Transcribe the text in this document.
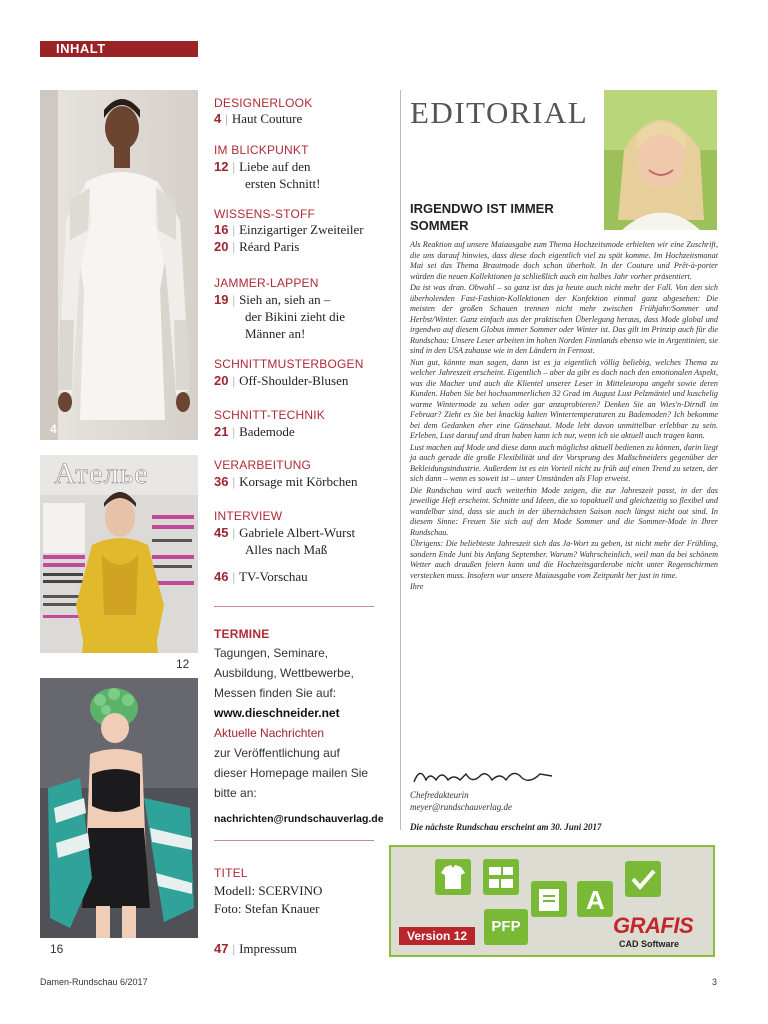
INHALT
4
Ателье
12
16
DESIGNERLOOK
4 | Haut Couture
IM BLICKPUNKT
12 | Liebe auf den
ersten Schnitt!
WISSENS-STOFF
16 | Einzigartiger Zweiteiler
20 | Réard Paris
JAMMER-LAPPEN
19 | Sieh an, sieh an –
der Bikini zieht die
Männer an!
SCHNITTMUSTERBOGEN
20 | Off-Shoulder-Blusen
SCHNITT-TECHNIK
21 | Bademode
VERARBEITUNG
36 | Korsage mit Körbchen
INTERVIEW
45 | Gabriele Albert-Wurst
Alles nach Maß
46 | TV-Vorschau
TERMINE
Tagungen, Seminare,
Ausbildung, Wettbewerbe,
Messen finden Sie auf:
www.dieschneider.net
Aktuelle Nachrichten
zur Veröffentlichung auf
dieser Homepage mailen Sie
bitte an:
nachrichten@rundschauverlag.de
TITEL
Modell: SCERVINO
Foto: Stefan Knauer
47 | Impressum
EDITORIAL
IRGENDWO IST IMMER SOMMER

Als Reaktion auf unsere Maiausgabe zum Thema Hochzeitsmode erhielten wir eine Zuschrift, die uns darauf hinwies, dass diese doch eigentlich viel zu spät komme. Im Hochzeitsmonat Mai sei das Thema Brautmode doch schon überholt. In der Couture und Prêt-à-porter würden die neuen Kollektionen ja schließlich auch ein halbes Jahr vorher präsentiert.

Da ist was dran. Obwohl – so ganz ist das ja heute auch nicht mehr der Fall. Von den sich überholenden Fast-Fashion-Kollektionen der Konfektion einmal ganz abgesehen: Die meisten der großen Schauen trennen nicht mehr zwischen Frühjahr/Sommer und Herbst/Winter. Ganz einfach aus der praktischen Überlegung heraus, dass Mode global und irgendwo auf diesem Globus immer Sommer oder Winter ist. Das gilt im Prinzip auch für die Rundschau: Unsere Leser arbeiten im hohen Norden Finnlands ebenso wie in Argentinien, sie sind in den USA zuhause wie in den Ländern in Fernost.

Nun gut, könnte man sagen, dann ist es ja eigentlich völlig beliebig, welches Thema zu welcher Jahreszeit erscheint. Eigentlich – aber da gibt es doch noch den emotionalen Aspekt, was die Macher und auch die Klientel unserer Leser in Mitteleuropa angeht sowie deren Kunden. Haben Sie bei hochsommerlichen 32 Grad im August Lust Pelzmäntel und kuschelig warme Wintermode zu sehen oder gar anzuprobieren? Denken Sie an Wies'n-Dirndl im Februar? Zieht es Sie bei knackig kalten Wintertemperaturen zu Bademoden? Ich bekomme bei dem Gedanken eher eine Gänsehaut. Mode lebt davon unmittelbar erlebbar zu sein. Erleben, Lust darauf und dran haben kann ich nur, wenn ich sie aktuell auch tragen kann.

Lust machen auf Mode und diese dann auch möglichst aktuell bedienen zu können, darin liegt ja auch gerade die große Flexibilität und der Vorsprung des Maßschneiders gegenüber der Bekleidungsindustrie. Außerdem ist es ein Vorteil nicht zu früh auf einen Trend zu setzen, der sich dann – wenn es soweit ist – unter Umständen als Flop erweist.

Die Rundschau wird auch weiterhin Mode zeigen, die zur Jahreszeit passt, in der das jeweilige Heft erscheint. Schnitte und Ideen, die so topaktuell und gleichzeitig so flexibel und wandelbar sind, dass sie auch in der übernächsten Saison noch längst nicht out sind. In diesem Sinne: Freuen Sie sich auf den Mode Sommer und die Sommer-Mode in Ihrer Rundschau.

Übrigens: Die beliebteste Jahreszeit sich das Ja-Wort zu geben, ist nicht mehr der Frühling, sondern Ende Juni bis Anfang September. Warum? Wahrscheinlich, weil man da bei schönem Wetter auch draußen feiern kann und die Hochzeitsgarderobe nicht unter Regenschirmen verstecken muss. Insofern war unsere Maiausgabe vom Zeitpunkt her just in time.

Ihre

Chefredakteurin
meyer@rundschauverlag.de
Die nächste Rundschau erscheint am 30. Juni 2017
A
PFP
Version 12	GRAFIS
CAD Software
Damen-Rundschau 6/2017	3
